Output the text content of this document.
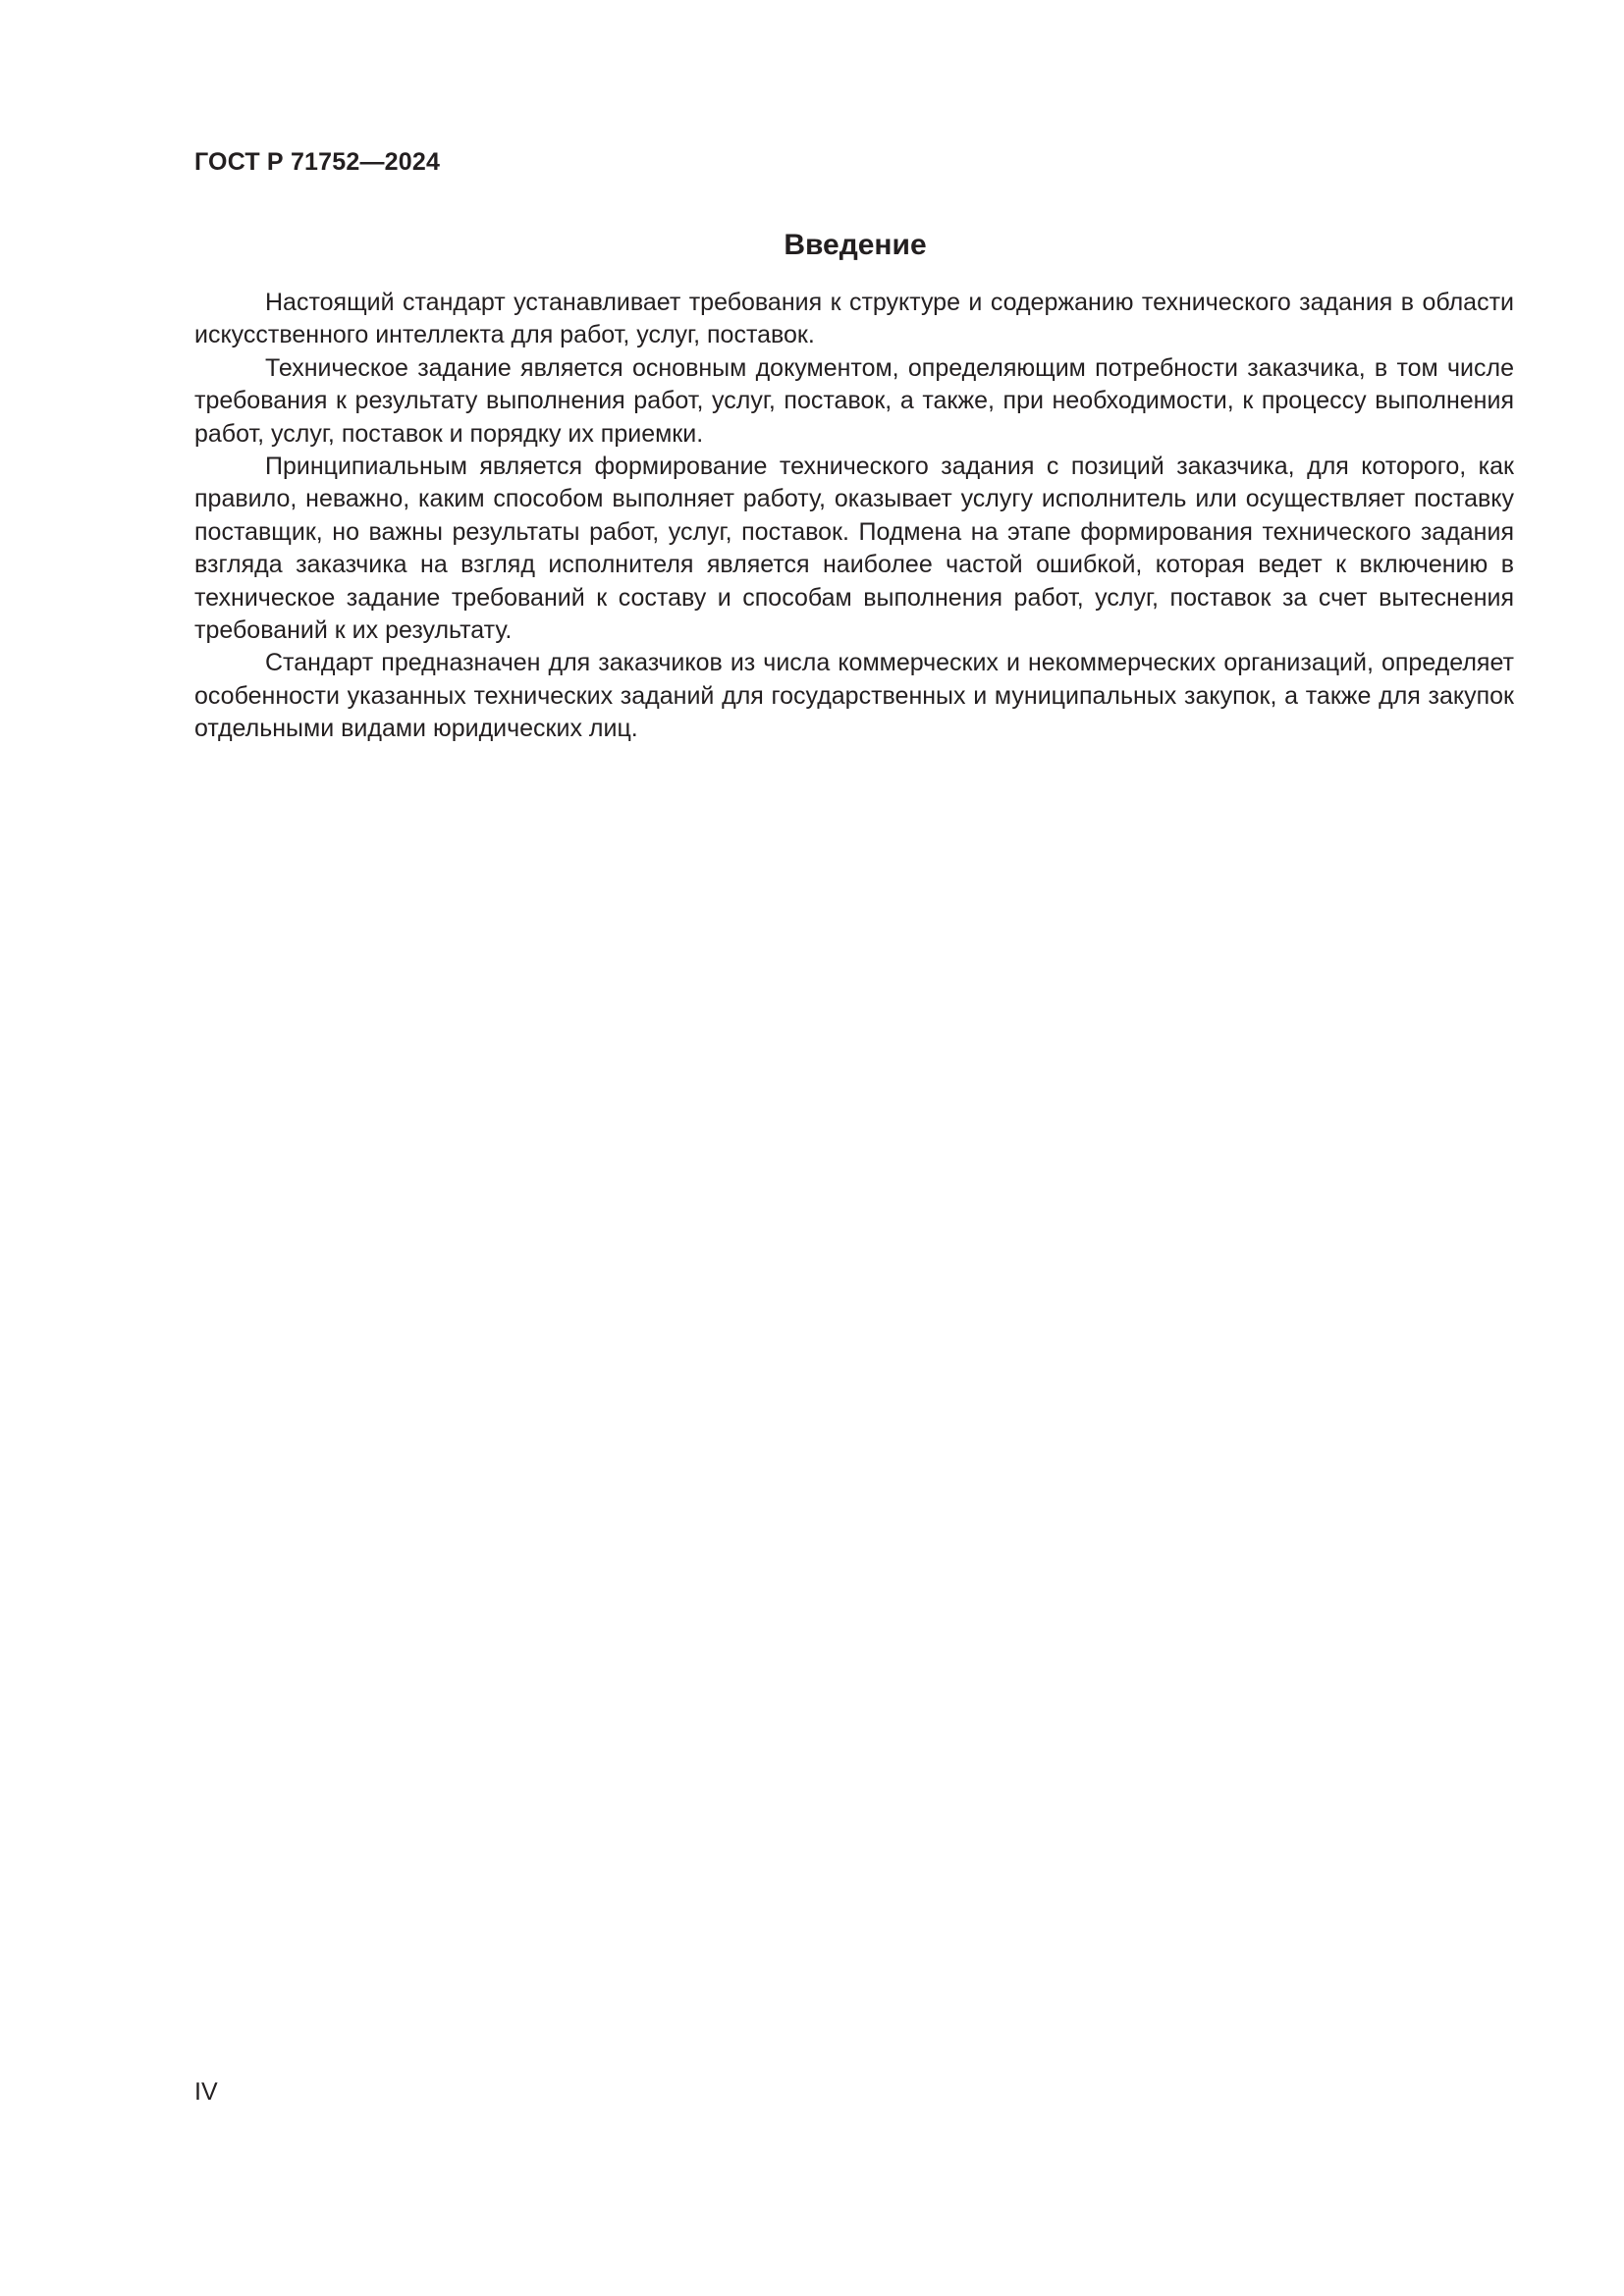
ГОСТ Р 71752—2024
Введение

Настоящий стандарт устанавливает требования к структуре и содержанию технического задания в области искусственного интеллекта для работ, услуг, поставок.

Техническое задание является основным документом, определяющим потребности заказчика, в том числе требования к результату выполнения работ, услуг, поставок, а также, при необходимости, к процессу выполнения работ, услуг, поставок и порядку их приемки.

Принципиальным является формирование технического задания с позиций заказчика, для которого, как правило, неважно, каким способом выполняет работу, оказывает услугу исполнитель или осуществляет поставку поставщик, но важны результаты работ, услуг, поставок. Подмена на этапе формирования технического задания взгляда заказчика на взгляд исполнителя является наиболее частой ошибкой, которая ведет к включению в техническое задание требований к составу и способам выполнения работ, услуг, поставок за счет вытеснения требований к их результату.

Стандарт предназначен для заказчиков из числа коммерческих и некоммерческих организаций, определяет особенности указанных технических заданий для государственных и муниципальных закупок, а также для закупок отдельными видами юридических лиц.

IV
